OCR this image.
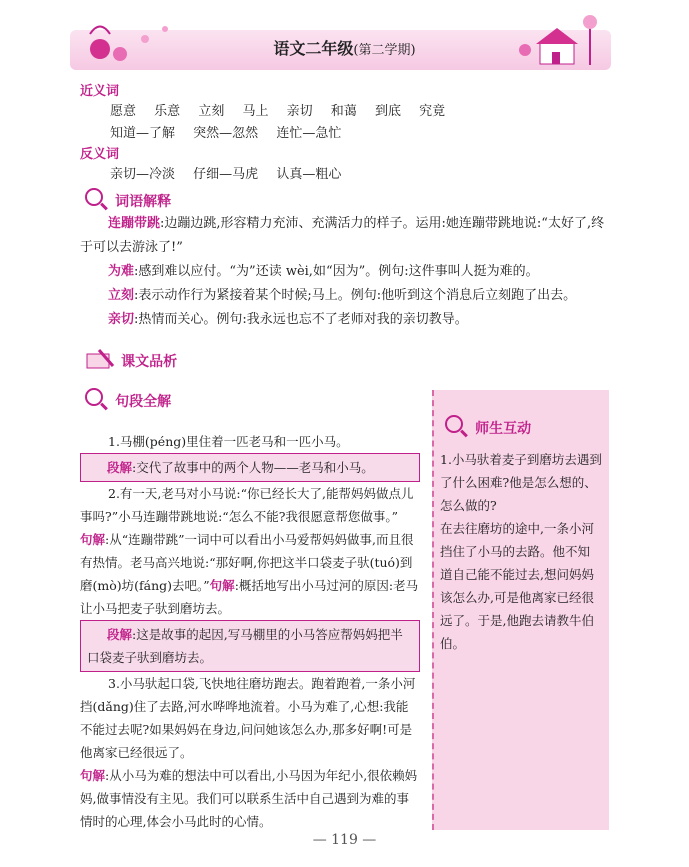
语文二年级(第二学期)
近义词
愿意 乐意 立刻 马上 亲切 和蔼 到底 究竟
知道—了解 突然—忽然 连忙—急忙
反义词
亲切—冷淡 仔细—马虎 认真—粗心
词语解释
连蹦带跳:边蹦边跳,形容精力充沛、充满活力的样子。运用:她连蹦带跳地说:“太好了,终于可以去游泳了!”
为难:感到难以应付。“为”还读 wèi,如“因为”。例句:这件事叫人挺为难的。
立刻:表示动作行为紧接着某个时候;马上。例句:他听到这个消息后立刻跑了出去。
亲切:热情而关心。例句:我永远也忘不了老师对我的亲切教导。
课文品析
句段全解
1.马棚(péng)里住着一匹老马和一匹小马。
段解:交代了故事中的两个人物——老马和小马。
2.有一天,老马对小马说:“你已经长大了,能帮妈妈做点儿事吗?”小马连蹦带跳地说:“怎么不能?我很愿意帮您做事。”
句解:从“连蹦带跳”一词中可以看出小马爱帮妈妈做事,而且很有热情。老马高兴地说:“那好啊,你把这半口袋麦子驮(tuó)到磨(mò)坊(fáng)去吧。”句解:概括地写出小马过河的原因:老马让小马把麦子驮到磨坊去。
段解:这是故事的起因,写马棚里的小马答应帮妈妈把半口袋麦子驮到磨坊去。
3.小马驮起口袋,飞快地往磨坊跑去。跑着跑着,一条小河挡(dǎng)住了去路,河水哗哗地流着。小马为难了,心想:我能不能过去呢?如果妈妈在身边,问问她该怎么办,那多好啊!可是他离家已经很远了。
句解:从小马为难的想法中可以看出,小马因为年纪小,很依赖妈妈,做事情没有主见。我们可以联系生活中自己遇到为难的事情时的心理,体会小马此时的心情。
师生互动
1.小马驮着麦子到磨坊去遇到了什么困难?他是怎么想的、怎么做的?
在去往磨坊的途中,一条小河挡住了小马的去路。他不知道自己能不能过去,想问妈妈该怎么办,可是他离家已经很远了。于是,他跑去请教牛伯伯。
— 119 —
